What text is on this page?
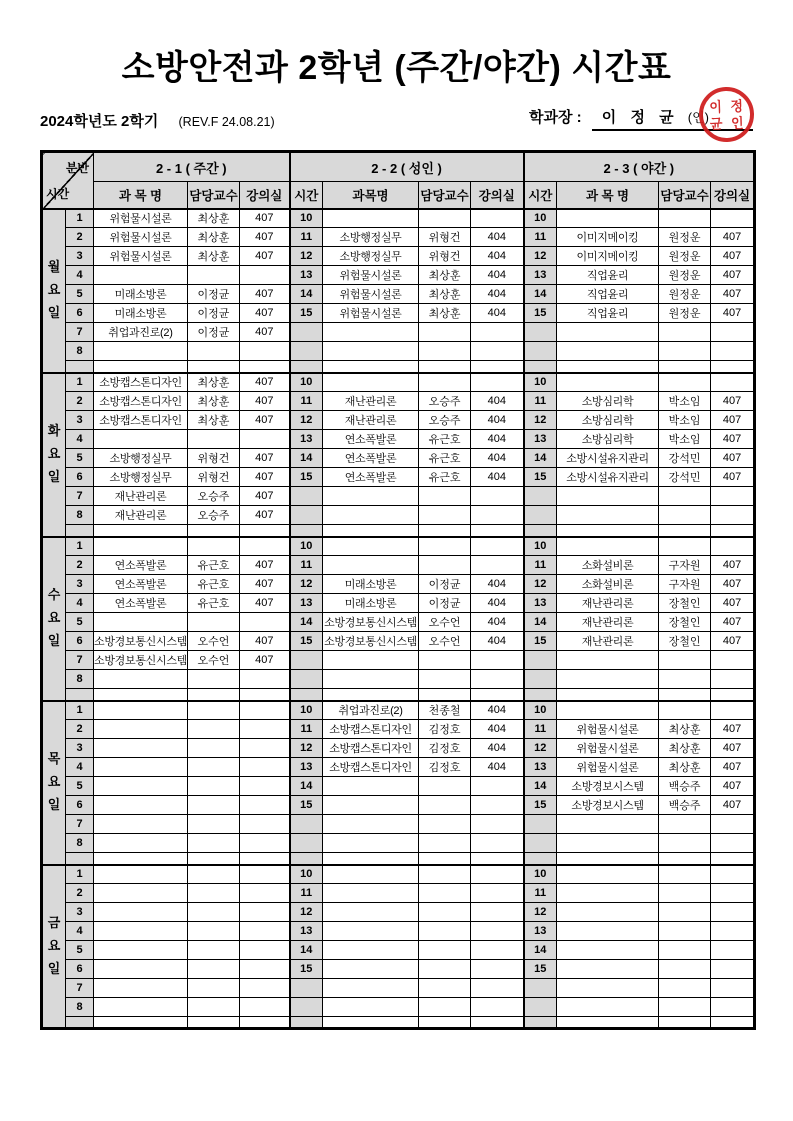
소방안전과 2학년 (주간/야간) 시간표
2024학년도 2학기 (REV.F 24.08.21)	학과장 : 이 정 균 (인)
분반
시간		2 - 1 ( 주간 )			2 - 2 ( 성인 )				2 - 3 ( 야간 )			
		과 목 명	담당교수	강의실	시간	과목명	담당교수	강의실	시간	과 목 명	담당교수	강의실
월요일	1	위험물시설론	최상훈	407	10				10			
	2	위험물시설론	최상훈	407	11	소방행정실무	위형건	404	11	이미지메이킹	원정운	407
	3	위험물시설론	최상훈	407	12	소방행정실무	위형건	404	12	이미지메이킹	원정운	407
	4				13	위험물시설론	최상훈	404	13	직업윤리	원정운	407
	5	미래소방론	이정균	407	14	위험물시설론	최상훈	404	14	직업윤리	원정운	407
	6	미래소방론	이정균	407	15	위험물시설론	최상훈	404	15	직업윤리	원정운	407
	7	취업과진로(2)	이정균	407								
	8											

화요일	1	소방캡스톤디자인	최상훈	407	10				10			
	2	소방캡스톤디자인	최상훈	407	11	재난관리론	오승주	404	11	소방심리학	박소임	407
	3	소방캡스톤디자인	최상훈	407	12	재난관리론	오승주	404	12	소방심리학	박소임	407
	4				13	연소폭발론	유근호	404	13	소방심리학	박소임	407
	5	소방행정실무	위형건	407	14	연소폭발론	유근호	404	14	소방시설유지관리	강석민	407
	6	소방행정실무	위형건	407	15	연소폭발론	유근호	404	15	소방시설유지관리	강석민	407
	7	재난관리론	오승주	407								
	8	재난관리론	오승주	407								

수요일	1				10				10			
	2	연소폭발론	유근호	407	11				11	소화설비론	구자원	407
	3	연소폭발론	유근호	407	12	미래소방론	이정균	404	12	소화설비론	구자원	407
	4	연소폭발론	유근호	407	13	미래소방론	이정균	404	13	재난관리론	장철인	407
	5				14	소방경보통신시스템	오수언	404	14	재난관리론	장철인	407
	6	소방경보통신시스템	오수언	407	15	소방경보통신시스템	오수언	404	15	재난관리론	장철인	407
	7	소방경보통신시스템	오수언	407								
	8											

목요일	1				10	취업과진로(2)	천종철	404	10			
	2				11	소방캡스톤디자인	김정호	404	11	위험물시설론	최상훈	407
	3				12	소방캡스톤디자인	김정호	404	12	위험물시설론	최상훈	407
	4				13	소방캡스톤디자인	김정호	404	13	위험물시설론	최상훈	407
	5				14				14	소방경보시스템	백승주	407
	6				15				15	소방경보시스템	백승주	407
	7											
	8											

금요일	1				10				10			
	2				11				11			
	3				12				12			
	4				13				13			
	5				14				14			
	6				15				15			
	7											
	8											

이 정
균 인
